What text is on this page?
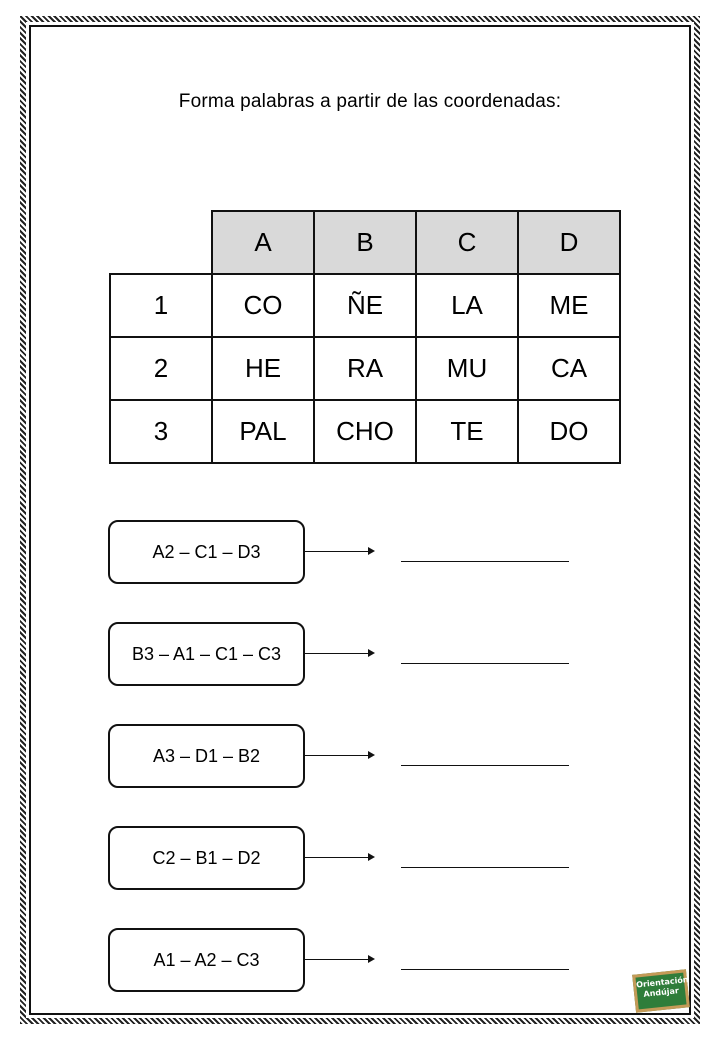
Forma palabras a partir de las coordenadas:
	A	B	C	D
1	CO	ÑE	LA	ME
2	HE	RA	MU	CA
3	PAL	CHO	TE	DO
A2 – C1 – D3
B3 – A1 – C1 – C3
A3 – D1 – B2
C2 – B1 – D2
A1 – A2 – C3
Orientación
Andújar
